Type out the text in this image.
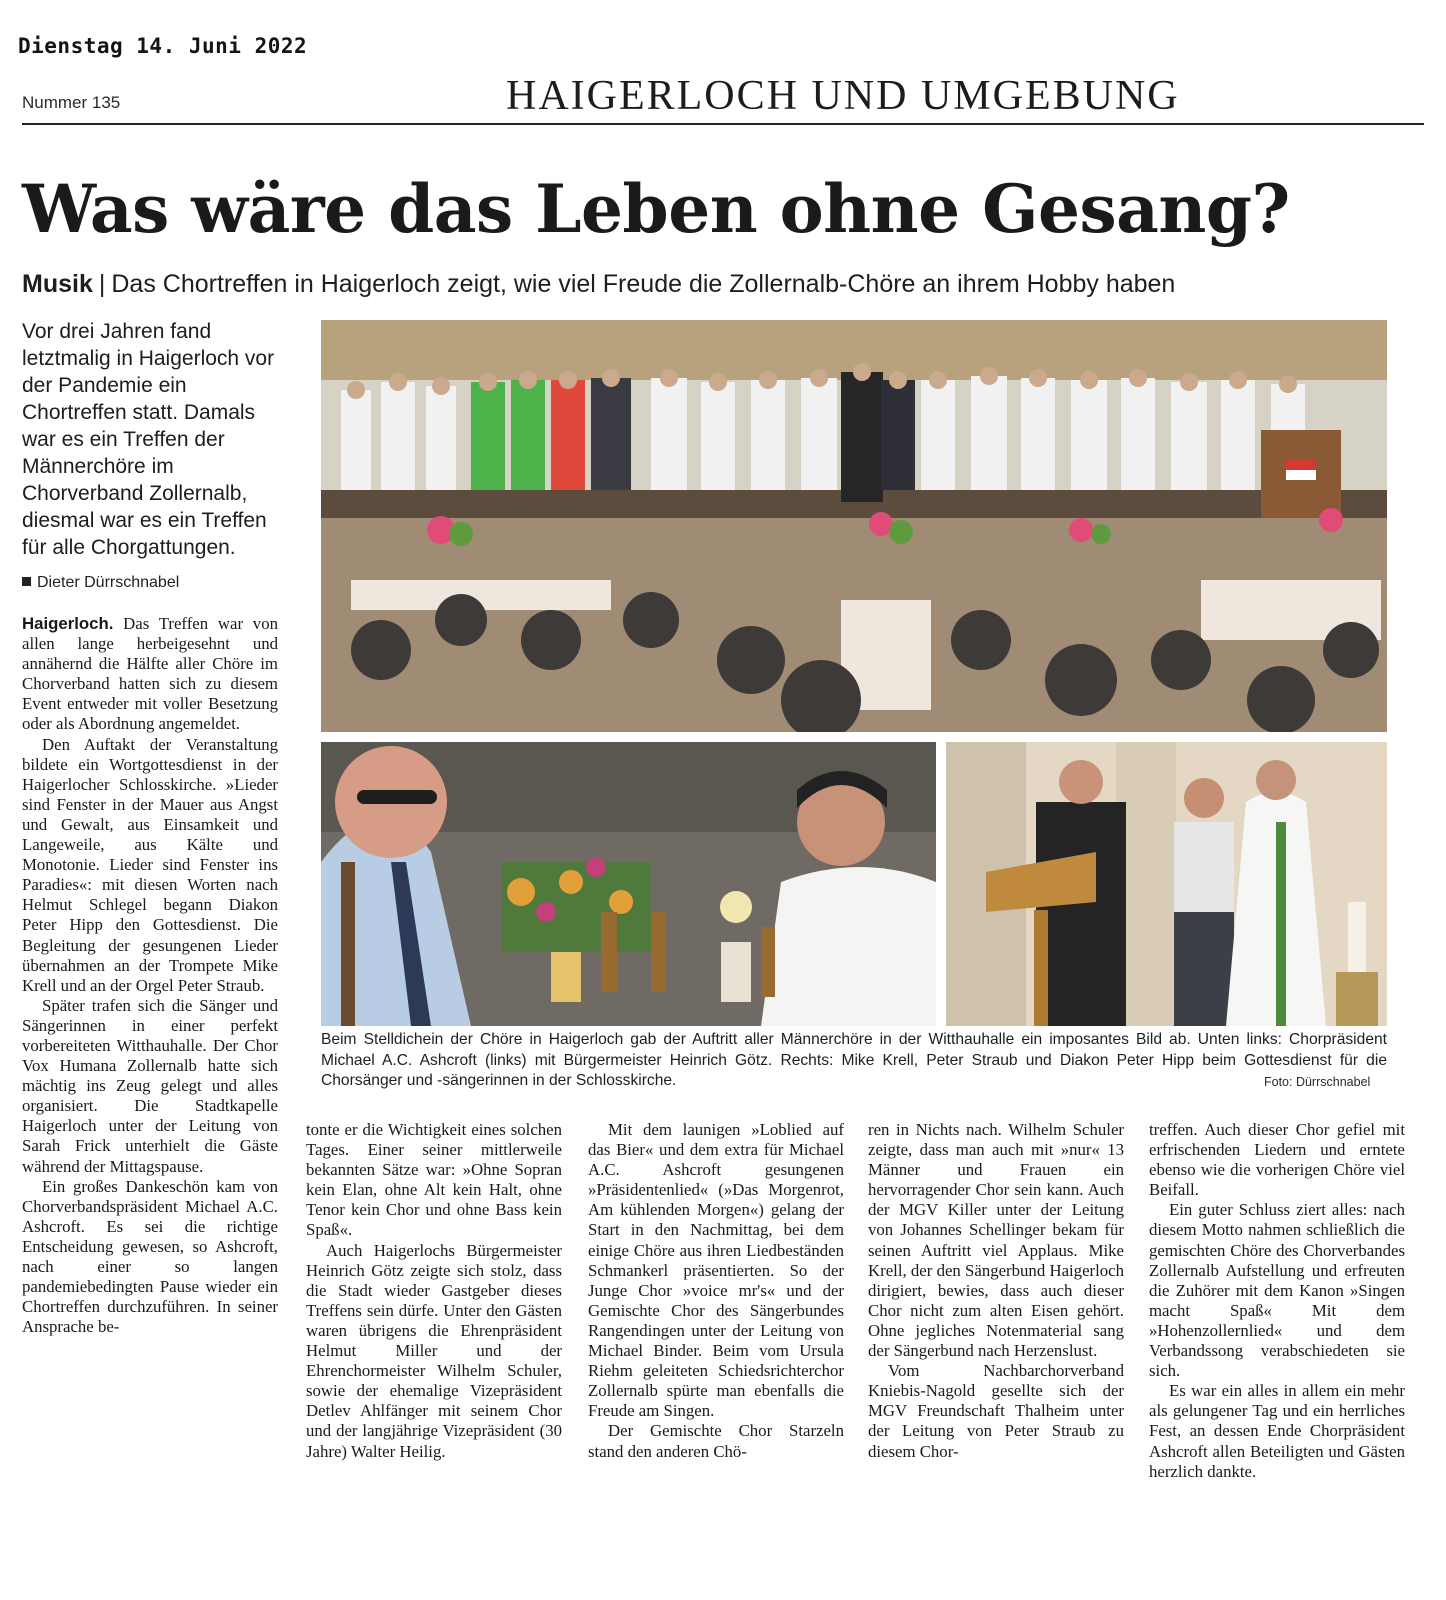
Dienstag 14. Juni 2022
Nummer 135	HAIGERLOCH UND UMGEBUNG
Was wäre das Leben ohne Gesang?
Musik | Das Chortreffen in Haigerloch zeigt, wie viel Freude die Zollernalb-Chöre an ihrem Hobby haben

Vor drei Jahren fand letztmalig in Haigerloch vor der Pandemie ein Chortreffen statt. Damals war es ein Treffen der Männerchöre im Chorverband Zollernalb, diesmal war es ein Treffen für alle Chorgattungen.

Dieter Dürrschnabel

Beim Stelldichein der Chöre in Haigerloch gab der Auftritt aller Männerchöre in der Witthauhalle ein imposantes Bild ab. Unten links: Chorpräsident Michael A.C. Ashcroft (links) mit Bürgermeister Heinrich Götz. Rechts: Mike Krell, Peter Straub und Diakon Peter Hipp beim Gottesdienst für die Chorsänger und -sängerinnen in der Schlosskirche.	Foto: Dürrschnabel

Haigerloch. Das Treffen war von allen lange herbeigesehnt und annähernd die Hälfte aller Chöre im Chorverband hatten sich zu diesem Event entweder mit voller Besetzung oder als Abordnung angemeldet.

Den Auftakt der Veranstaltung bildete ein Wortgottesdienst in der Haigerlocher Schlosskirche. »Lieder sind Fenster in der Mauer aus Angst und Gewalt, aus Einsamkeit und Langeweile, aus Kälte und Monotonie. Lieder sind Fenster ins Paradies«: mit diesen Worten nach Helmut Schlegel begann Diakon Peter Hipp den Gottesdienst. Die Begleitung der gesungenen Lieder übernahmen an der Trompete Mike Krell und an der Orgel Peter Straub.

Später trafen sich die Sänger und Sängerinnen in einer perfekt vorbereiteten Witthauhalle. Der Chor Vox Humana Zollernalb hatte sich mächtig ins Zeug gelegt und alles organisiert. Die Stadtkapelle Haigerloch unter der Leitung von Sarah Frick unterhielt die Gäste während der Mittagspause.

Ein großes Dankeschön kam von Chorverbandspräsident Michael A.C. Ashcroft. Es sei die richtige Entscheidung gewesen, so Ashcroft, nach einer so langen pandemiebedingten Pause wieder ein Chortreffen durchzuführen. In seiner Ansprache be-

tonte er die Wichtigkeit eines solchen Tages. Einer seiner mittlerweile bekannten Sätze war: »Ohne Sopran kein Elan, ohne Alt kein Halt, ohne Tenor kein Chor und ohne Bass kein Spaß«.

Auch Haigerlochs Bürgermeister Heinrich Götz zeigte sich stolz, dass die Stadt wieder Gastgeber dieses Treffens sein dürfe. Unter den Gästen waren übrigens die Ehrenpräsident Helmut Miller und der Ehrenchormeister Wilhelm Schuler, sowie der ehemalige Vizepräsident Detlev Ahlfänger mit seinem Chor und der langjährige Vizepräsident (30 Jahre) Walter Heilig.

Mit dem launigen »Loblied auf das Bier« und dem extra für Michael A.C. Ashcroft gesungenen »Präsidentenlied« (»Das Morgenrot, Am kühlenden Morgen«) gelang der Start in den Nachmittag, bei dem einige Chöre aus ihren Liedbeständen Schmankerl präsentierten. So der Junge Chor »voice mr's« und der Gemischte Chor des Sängerbundes Rangendingen unter der Leitung von Michael Binder. Beim vom Ursula Riehm geleiteten Schiedsrichterchor Zollernalb spürte man ebenfalls die Freude am Singen.

Der Gemischte Chor Starzeln stand den anderen Chö-

ren in Nichts nach. Wilhelm Schuler zeigte, dass man auch mit »nur« 13 Männer und Frauen ein hervorragender Chor sein kann. Auch der MGV Killer unter der Leitung von Johannes Schellinger bekam für seinen Auftritt viel Applaus. Mike Krell, der den Sängerbund Haigerloch dirigiert, bewies, dass auch dieser Chor nicht zum alten Eisen gehört. Ohne jegliches Notenmaterial sang der Sängerbund nach Herzenslust.

Vom Nachbarchorverband Kniebis-Nagold gesellte sich der MGV Freundschaft Thalheim unter der Leitung von Peter Straub zu diesem Chor-

treffen. Auch dieser Chor gefiel mit erfrischenden Liedern und erntete ebenso wie die vorherigen Chöre viel Beifall.

Ein guter Schluss ziert alles: nach diesem Motto nahmen schließlich die gemischten Chöre des Chorverbandes Zollernalb Aufstellung und erfreuten die Zuhörer mit dem Kanon »Singen macht Spaß« Mit dem »Hohenzollernlied« und dem Verbandssong verabschiedeten sie sich.

Es war ein alles in allem ein mehr als gelungener Tag und ein herrliches Fest, an dessen Ende Chorpräsident Ashcroft allen Beteiligten und Gästen herzlich dankte.
